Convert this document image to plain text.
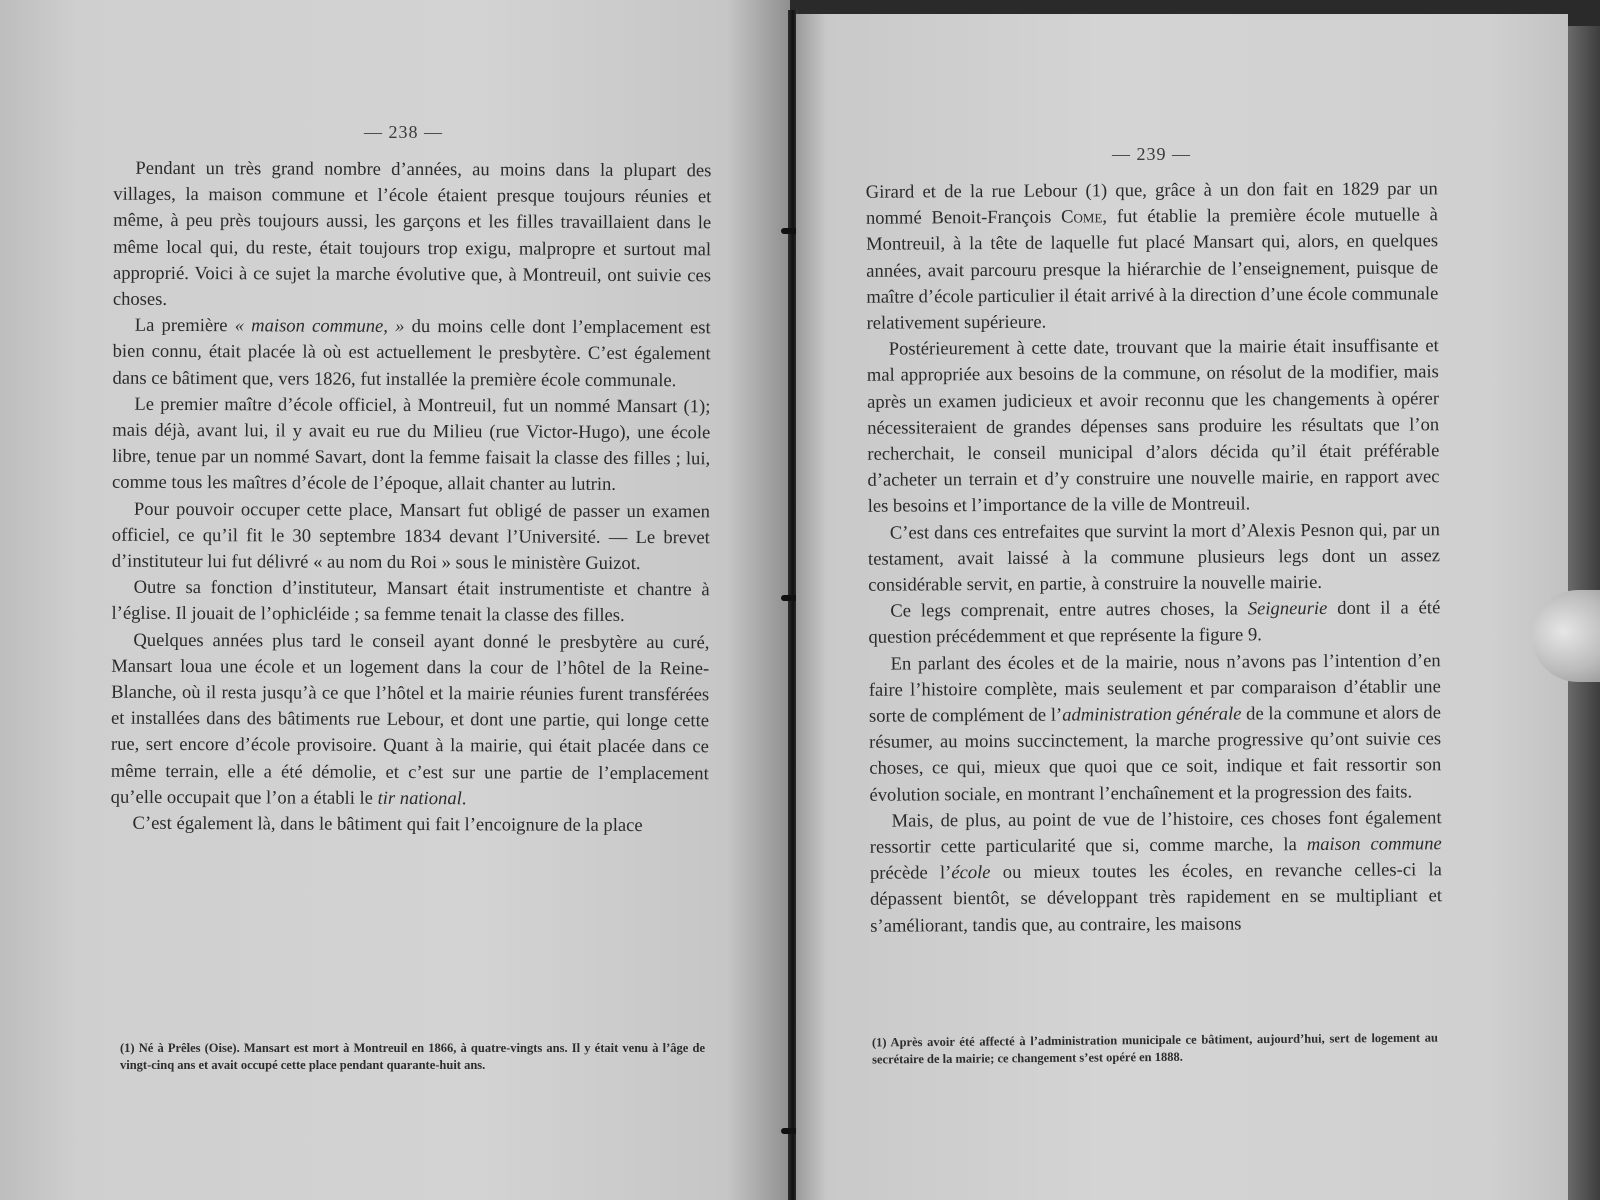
— 238 —

Pendant un très grand nombre d’années, au moins dans la plupart des villages, la maison commune et l’école étaient presque toujours réunies et même, à peu près toujours aussi, les garçons et les filles travaillaient dans le même local qui, du reste, était toujours trop exigu, malpropre et surtout mal approprié. Voici à ce sujet la marche évolutive que, à Montreuil, ont suivie ces choses.

La première « maison commune, » du moins celle dont l’emplacement est bien connu, était placée là où est actuellement le presbytère. C’est également dans ce bâtiment que, vers 1826, fut installée la première école communale.

Le premier maître d’école officiel, à Montreuil, fut un nommé Mansart (1); mais déjà, avant lui, il y avait eu rue du Milieu (rue Victor-Hugo), une école libre, tenue par un nommé Savart, dont la femme faisait la classe des filles ; lui, comme tous les maîtres d’école de l’époque, allait chanter au lutrin.

Pour pouvoir occuper cette place, Mansart fut obligé de passer un examen officiel, ce qu’il fit le 30 septembre 1834 devant l’Université. — Le brevet d’instituteur lui fut délivré « au nom du Roi » sous le ministère Guizot.

Outre sa fonction d’instituteur, Mansart était instrumentiste et chantre à l’église. Il jouait de l’ophicléide ; sa femme tenait la classe des filles.

Quelques années plus tard le conseil ayant donné le presbytère au curé, Mansart loua une école et un logement dans la cour de l’hôtel de la Reine-Blanche, où il resta jusqu’à ce que l’hôtel et la mairie réunies furent transférées et installées dans des bâtiments rue Lebour, et dont une partie, qui longe cette rue, sert encore d’école provisoire. Quant à la mairie, qui était placée dans ce même terrain, elle a été démolie, et c’est sur une partie de l’emplacement qu’elle occupait que l’on a établi le tir national.

C’est également là, dans le bâtiment qui fait l’encoignure de la place

(1) Né à Prêles (Oise). Mansart est mort à Montreuil en 1866, à quatre-vingts ans. Il y était venu à l’âge de vingt-cinq ans et avait occupé cette place pendant quarante-huit ans.
— 239 —

Girard et de la rue Lebour (1) que, grâce à un don fait en 1829 par un nommé Benoit-François Come, fut établie la première école mutuelle à Montreuil, à la tête de laquelle fut placé Mansart qui, alors, en quelques années, avait parcouru presque la hiérarchie de l’enseignement, puisque de maître d’école particulier il était arrivé à la direction d’une école communale relativement supérieure.

Postérieurement à cette date, trouvant que la mairie était insuffisante et mal appropriée aux besoins de la commune, on résolut de la modifier, mais après un examen judicieux et avoir reconnu que les changements à opérer nécessiteraient de grandes dépenses sans produire les résultats que l’on recherchait, le conseil municipal d’alors décida qu’il était préférable d’acheter un terrain et d’y construire une nouvelle mairie, en rapport avec les besoins et l’importance de la ville de Montreuil.

C’est dans ces entrefaites que survint la mort d’Alexis Pesnon qui, par un testament, avait laissé à la commune plusieurs legs dont un assez considérable servit, en partie, à construire la nouvelle mairie.

Ce legs comprenait, entre autres choses, la Seigneurie dont il a été question précédemment et que représente la figure 9.

En parlant des écoles et de la mairie, nous n’avons pas l’intention d’en faire l’histoire complète, mais seulement et par comparaison d’établir une sorte de complément de l’administration générale de la commune et alors de résumer, au moins succinctement, la marche progressive qu’ont suivie ces choses, ce qui, mieux que quoi que ce soit, indique et fait ressortir son évolution sociale, en montrant l’enchaînement et la progression des faits.

Mais, de plus, au point de vue de l’histoire, ces choses font également ressortir cette particularité que si, comme marche, la maison commune précède l’école ou mieux toutes les écoles, en revanche celles-ci la dépassent bientôt, se développant très rapidement en se multipliant et s’améliorant, tandis que, au contraire, les maisons

(1) Après avoir été affecté à l’administration municipale ce bâtiment, aujourd’hui, sert de logement au secrétaire de la mairie; ce changement s’est opéré en 1888.
